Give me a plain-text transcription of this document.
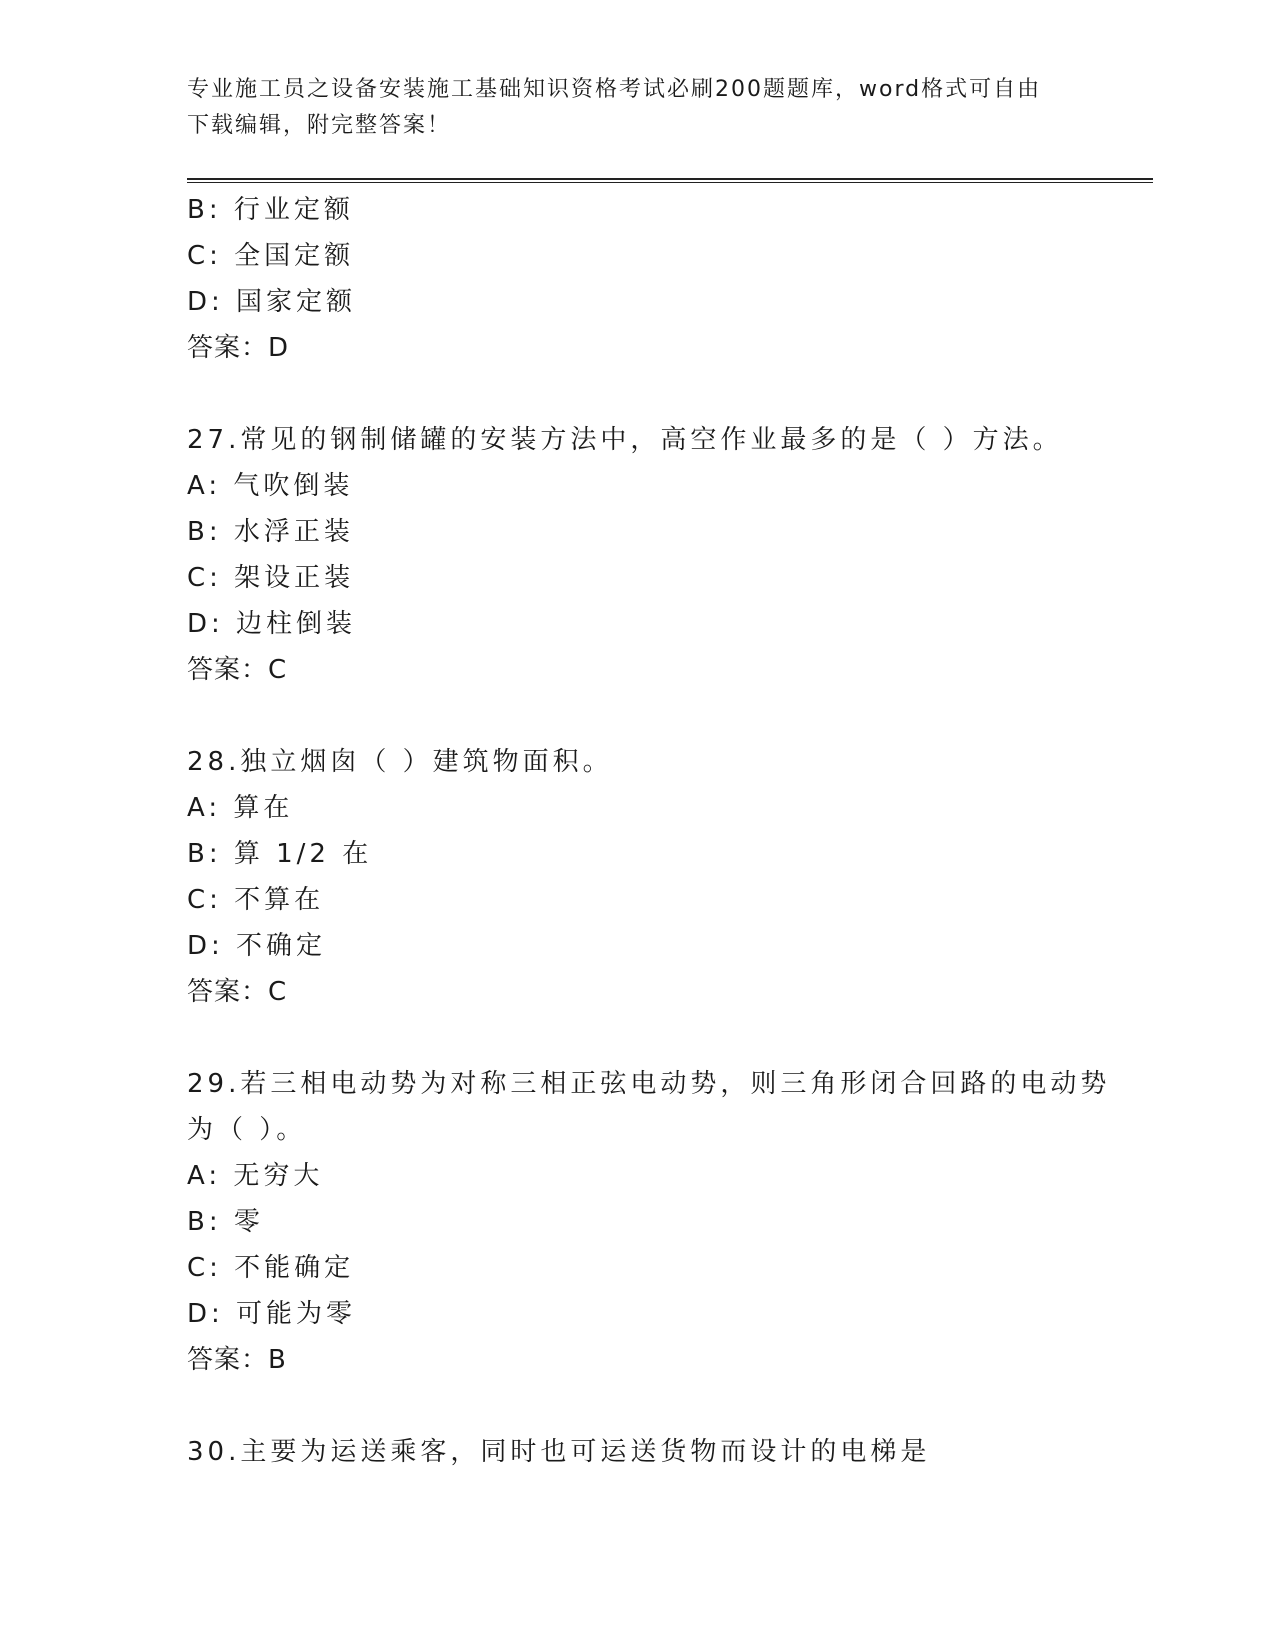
专业施工员之设备安装施工基础知识资格考试必刷200题题库，word格式可自由
下载编辑，附完整答案！
B: 行业定额
C: 全国定额
D: 国家定额
答案：D
27.常见的钢制储罐的安装方法中，高空作业最多的是（ ）方法。
A: 气吹倒装
B: 水浮正装
C: 架设正装
D: 边柱倒装
答案：C
28.独立烟囱（ ）建筑物面积。
A: 算在
B: 算 1/2 在
C: 不算在
D: 不确定
答案：C
29.若三相电动势为对称三相正弦电动势，则三角形闭合回路的电动势
为（ ）。
A: 无穷大
B: 零
C: 不能确定
D: 可能为零
答案：B
30.主要为运送乘客，同时也可运送货物而设计的电梯是
